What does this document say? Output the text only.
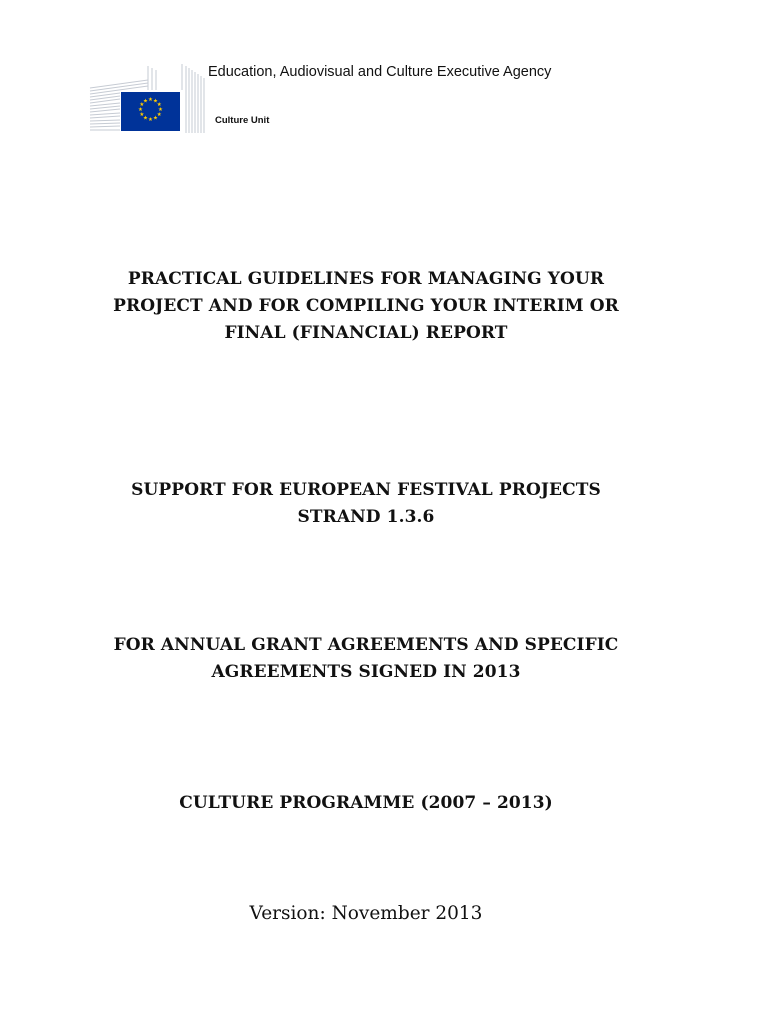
★ ★
★
★
★
★
★
★
★
★
★
★
Education, Audiovisual and Culture Executive Agency
Culture Unit
PRACTICAL GUIDELINES FOR MANAGING YOUR
PROJECT AND FOR COMPILING YOUR INTERIM OR
FINAL (FINANCIAL) REPORT
SUPPORT FOR EUROPEAN FESTIVAL PROJECTS
STRAND 1.3.6
FOR ANNUAL GRANT AGREEMENTS AND SPECIFIC
AGREEMENTS SIGNED IN 2013
CULTURE PROGRAMME (2007 – 2013)
Version: November 2013
